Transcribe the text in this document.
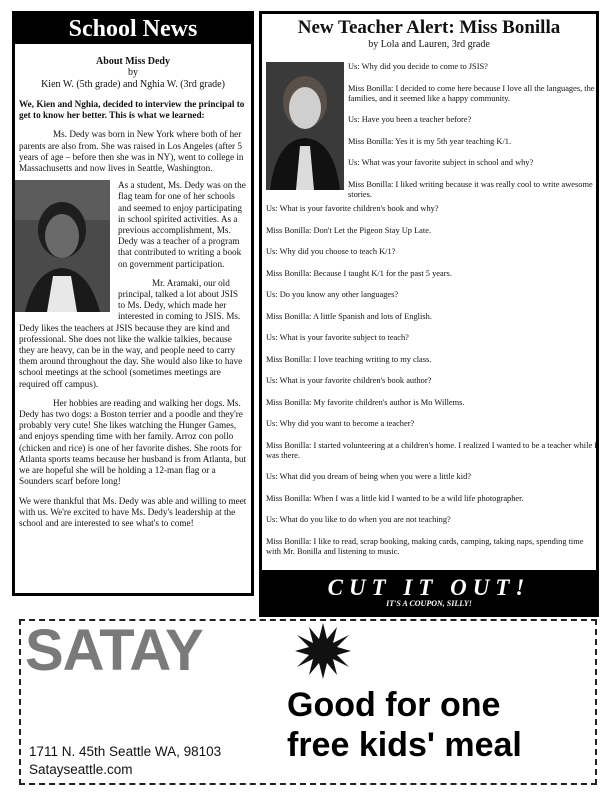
School News
About Miss Dedy
by
Kien W. (5th grade) and Nghia W. (3rd grade)

We, Kien and Nghia, decided to interview the principal to get to know her better. This is what we learned:

Ms. Dedy was born in New York where both of her parents are also from. She was raised in Los Angeles (after 5 years of age – before then she was in NY), went to college in Massachusetts and now lives in Seattle, Washington.

As a student, Ms. Dedy was on the flag team for one of her schools and seemed to enjoy participating in school spirited activities. As a previous accomplishment, Ms. Dedy was a teacher of a program that contributed to writing a book on government participation.

Mr. Aramaki, our old principal, talked a lot about JSIS to Ms. Dedy, which made her interested in coming to JSIS. Ms. Dedy likes the teachers at JSIS because they are kind and professional. She does not like the walkie talkies, because they are heavy, can be in the way, and people need to carry them around throughout the day. She would also like to have school meetings at the school (sometimes meetings are required off campus).

Her hobbies are reading and walking her dogs. Ms. Dedy has two dogs: a Boston terrier and a poodle and they're probably very cute! She likes watching the Hunger Games, and enjoys spending time with her family. Arroz con pollo (chicken and rice) is one of her favorite dishes. She roots for Atlanta sports teams because her husband is from Atlanta, but we are hopeful she will be holding a 12-man flag or a Sounders scarf before long!

We were thankful that Ms. Dedy was able and willing to meet with us. We're excited to have Ms. Dedy's leadership at the school and are interested to see what's to come!

New Teacher Alert: Miss Bonilla
by Lola and Lauren, 3rd grade

Us: Why did you decide to come to JSIS?

Miss Bonilla: I decided to come here because I love all the languages, the families, and it seemed like a happy community.

Us: Have you been a teacher before?

Miss Bonilla: Yes it is my 5th year teaching K/1.

Us: What was your favorite subject in school and why?

Miss Bonilla: I liked writing because it was really cool to write awesome stories.

Us: What is your favorite children's book and why?

Miss Bonilla: Don't Let the Pigeon Stay Up Late.

Us: Why did you choose to teach K/1?

Miss Bonilla: Because I taught K/1 for the past 5 years.

Us: Do you know any other languages?

Miss Bonilla: A little Spanish and lots of English.

Us: What is your favorite subject to teach?

Miss Bonilla: I love teaching writing to my class.

Us: What is your favorite children's book author?

Miss Bonilla: My favorite children's author is Mo Willems.

Us: Why did you want to become a teacher?

Miss Bonilla: I started volunteering at a children's home. I realized I wanted to be a teacher while I was there.

Us: What did you dream of being when you were a little kid?

Miss Bonilla: When I was a little kid I wanted to be a wild life photographer.

Us: What do you like to do when you are not teaching?

Miss Bonilla: I like to read, scrap booking, making cards, camping, taking naps, spending time with Mr. Bonilla and listening to music.

CUT IT OUT!
IT'S A COUPON, SILLY!
SATAY
Good for one
free kids' meal
1711 N. 45th Seattle WA, 98103
Satayseattle.com
